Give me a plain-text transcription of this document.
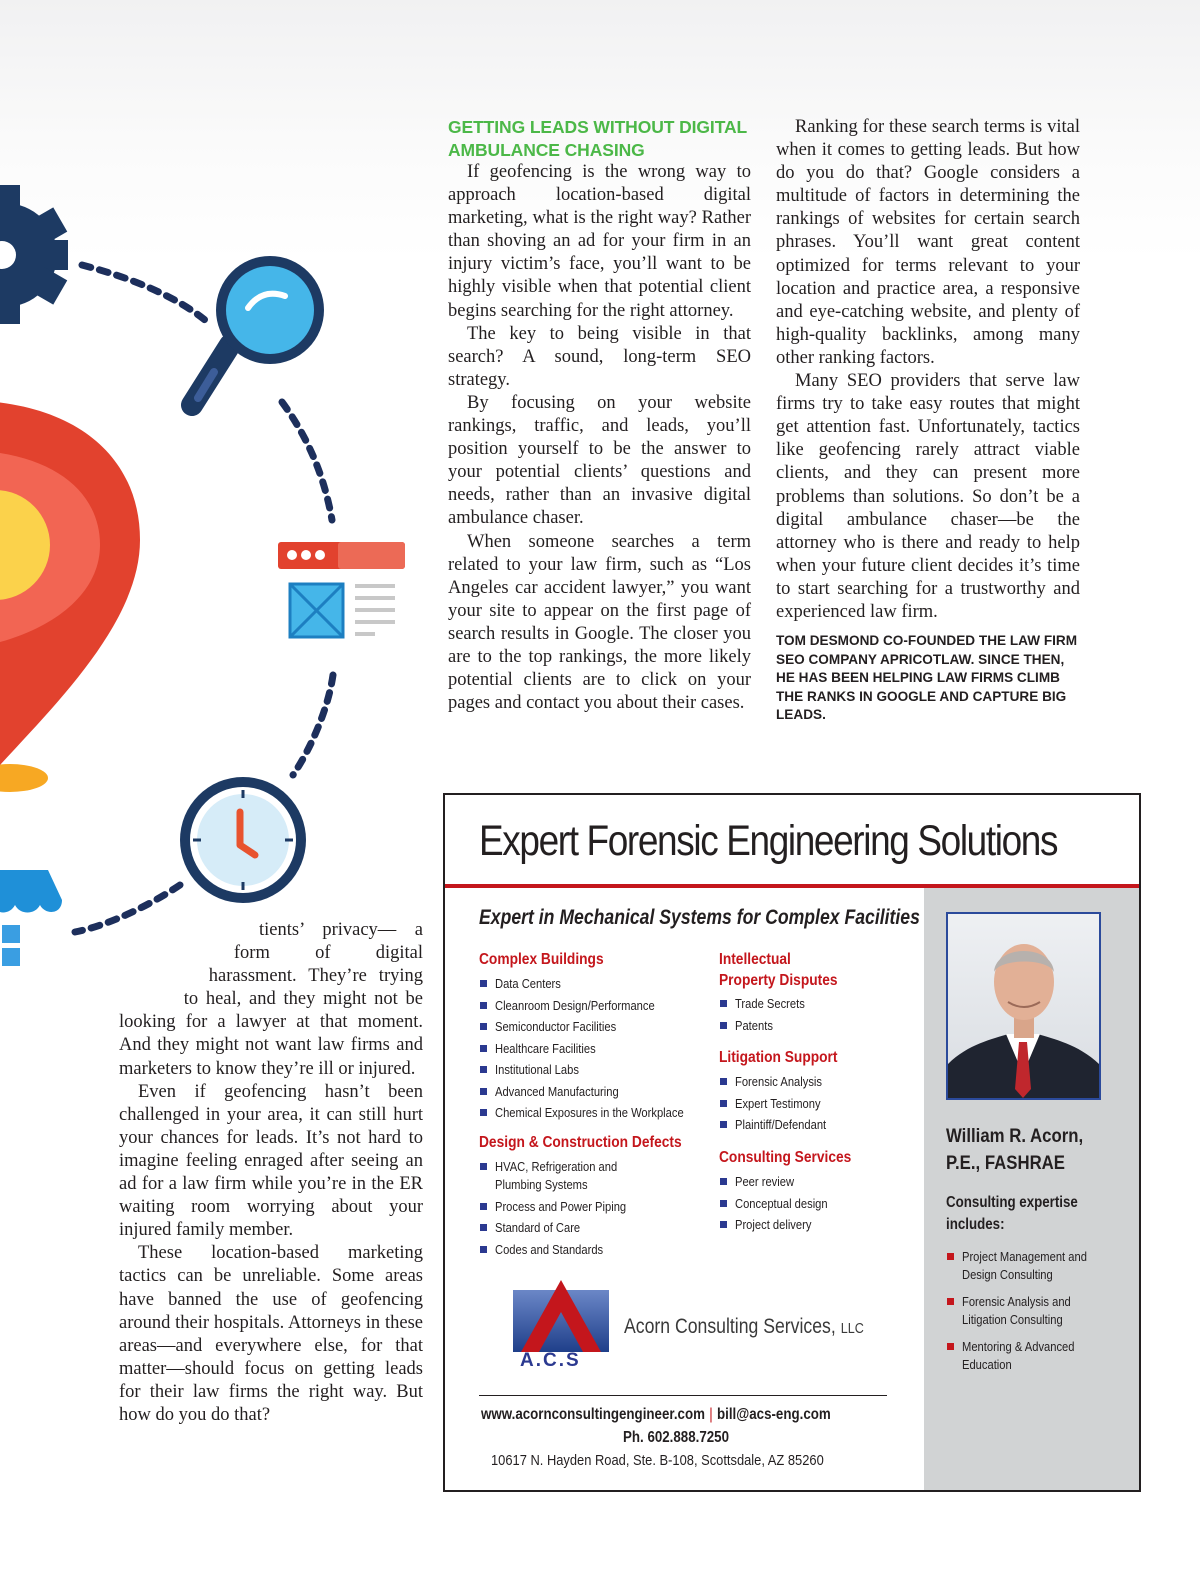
tients’ privacy— a form of digital harassment. They’re trying to heal, and they might not be looking for a lawyer at that moment. And they might not want law firms and marketers to know they’re ill or injured.

Even if geofencing hasn’t been challenged in your area, it can still hurt your chances for leads. It’s not hard to imagine feeling enraged after seeing an ad for a law firm while you’re in the ER waiting room worrying about your injured family member.

These location-based marketing tactics can be unreliable. Some areas have banned the use of geofencing around their hospitals. Attorneys in these areas—and everywhere else, for that matter—should focus on getting leads for their law firms the right way. But how do you do that?

GETTING LEADS WITHOUT DIGITAL AMBULANCE CHASING

If geofencing is the wrong way to approach location-based digital marketing, what is the right way? Rather than shoving an ad for your firm in an injury victim’s face, you’ll want to be highly visible when that potential client begins searching for the right attorney.

The key to being visible in that search? A sound, long-term SEO strategy.

By focusing on your website rankings, traffic, and leads, you’ll position yourself to be the answer to your potential clients’ questions and needs, rather than an invasive digital ambulance chaser.

When someone searches a term related to your law firm, such as “Los Angeles car accident lawyer,” you want your site to appear on the first page of search results in Google. The closer you are to the top rankings, the more likely potential clients are to click on your pages and contact you about their cases.

Ranking for these search terms is vital when it comes to getting leads. But how do you do that? Google considers a multitude of factors in determining the rankings of websites for certain search phrases. You’ll want great content optimized for terms relevant to your location and practice area, a responsive and eye-catching website, and plenty of high-quality backlinks, among many other ranking factors.

Many SEO providers that serve law firms try to take easy routes that might get attention fast. Unfortunately, tactics like geofencing rarely attract viable clients, and they can present more problems than solutions. So don’t be a digital ambulance chaser—be the attorney who is there and ready to help when your future client decides it’s time to start searching for a trustworthy and experienced law firm.

TOM DESMOND CO-FOUNDED THE LAW FIRM SEO COMPANY APRICOTLAW. SINCE THEN, HE HAS BEEN HELPING LAW FIRMS CLIMB THE RANKS IN GOOGLE AND CAPTURE BIG LEADS.
Expert Forensic Engineering Solutions
Expert in Mechanical Systems for Complex Facilities
Complex Buildings
Data Centers
Cleanroom Design/Performance
Semiconductor Facilities
Healthcare Facilities
Institutional Labs
Advanced Manufacturing
Chemical Exposures in the Workplace
Design & Construction Defects
HVAC, Refrigeration and Plumbing Systems
Process and Power Piping
Standard of Care
Codes and Standards
Intellectual
Property Disputes
Trade Secrets
Patents
Litigation Support
Forensic Analysis
Expert Testimony
Plaintiff/Defendant
Consulting Services
Peer review
Conceptual design
Project delivery
William R. Acorn,
P.E., FASHRAE
Consulting expertise
includes:
Project Management and
Design Consulting
Forensic Analysis and
Litigation Consulting
Mentoring & Advanced
Education
A.C.S
Acorn Consulting Services, LLC
www.acornconsultingengineer.com | bill@acs-eng.com
Ph. 602.888.7250
10617 N. Hayden Road, Ste. B-108, Scottsdale, AZ 85260
